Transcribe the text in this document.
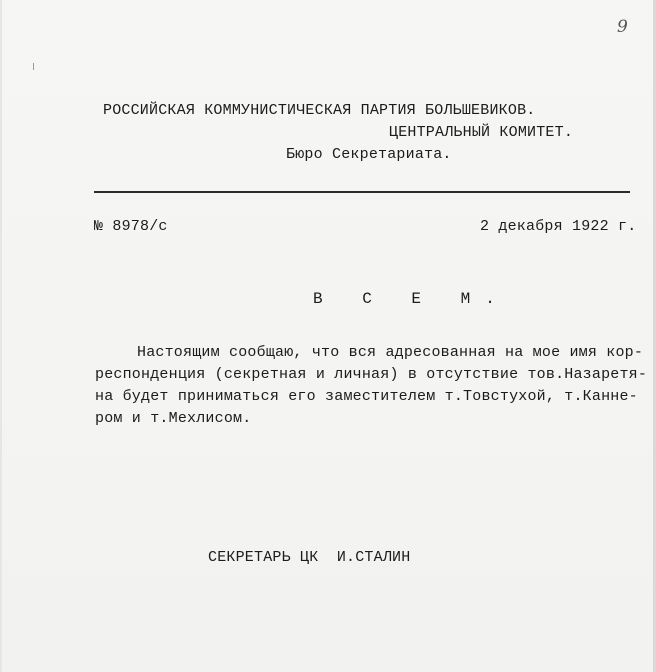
9
РОССИЙСКАЯ КОММУНИСТИЧЕСКАЯ ПАРТИЯ БОЛЬШЕВИКОВ.
ЦЕНТРАЛЬНЫЙ КОМИТЕТ.
Бюро Секретариата.
№ 8978/с	2 декабря 1922 г.
В С Е М.
Настоящим сообщаю, что вся адресованная на мое имя кор-
респонденция (секретная и личная) в отсутствие тов.Назаретя-
на будет приниматься его заместителем т.Товстухой, т.Каннe-
ром и т.Мехлисом.
СЕКРЕТАРЬ ЦК  И.СТАЛИН
